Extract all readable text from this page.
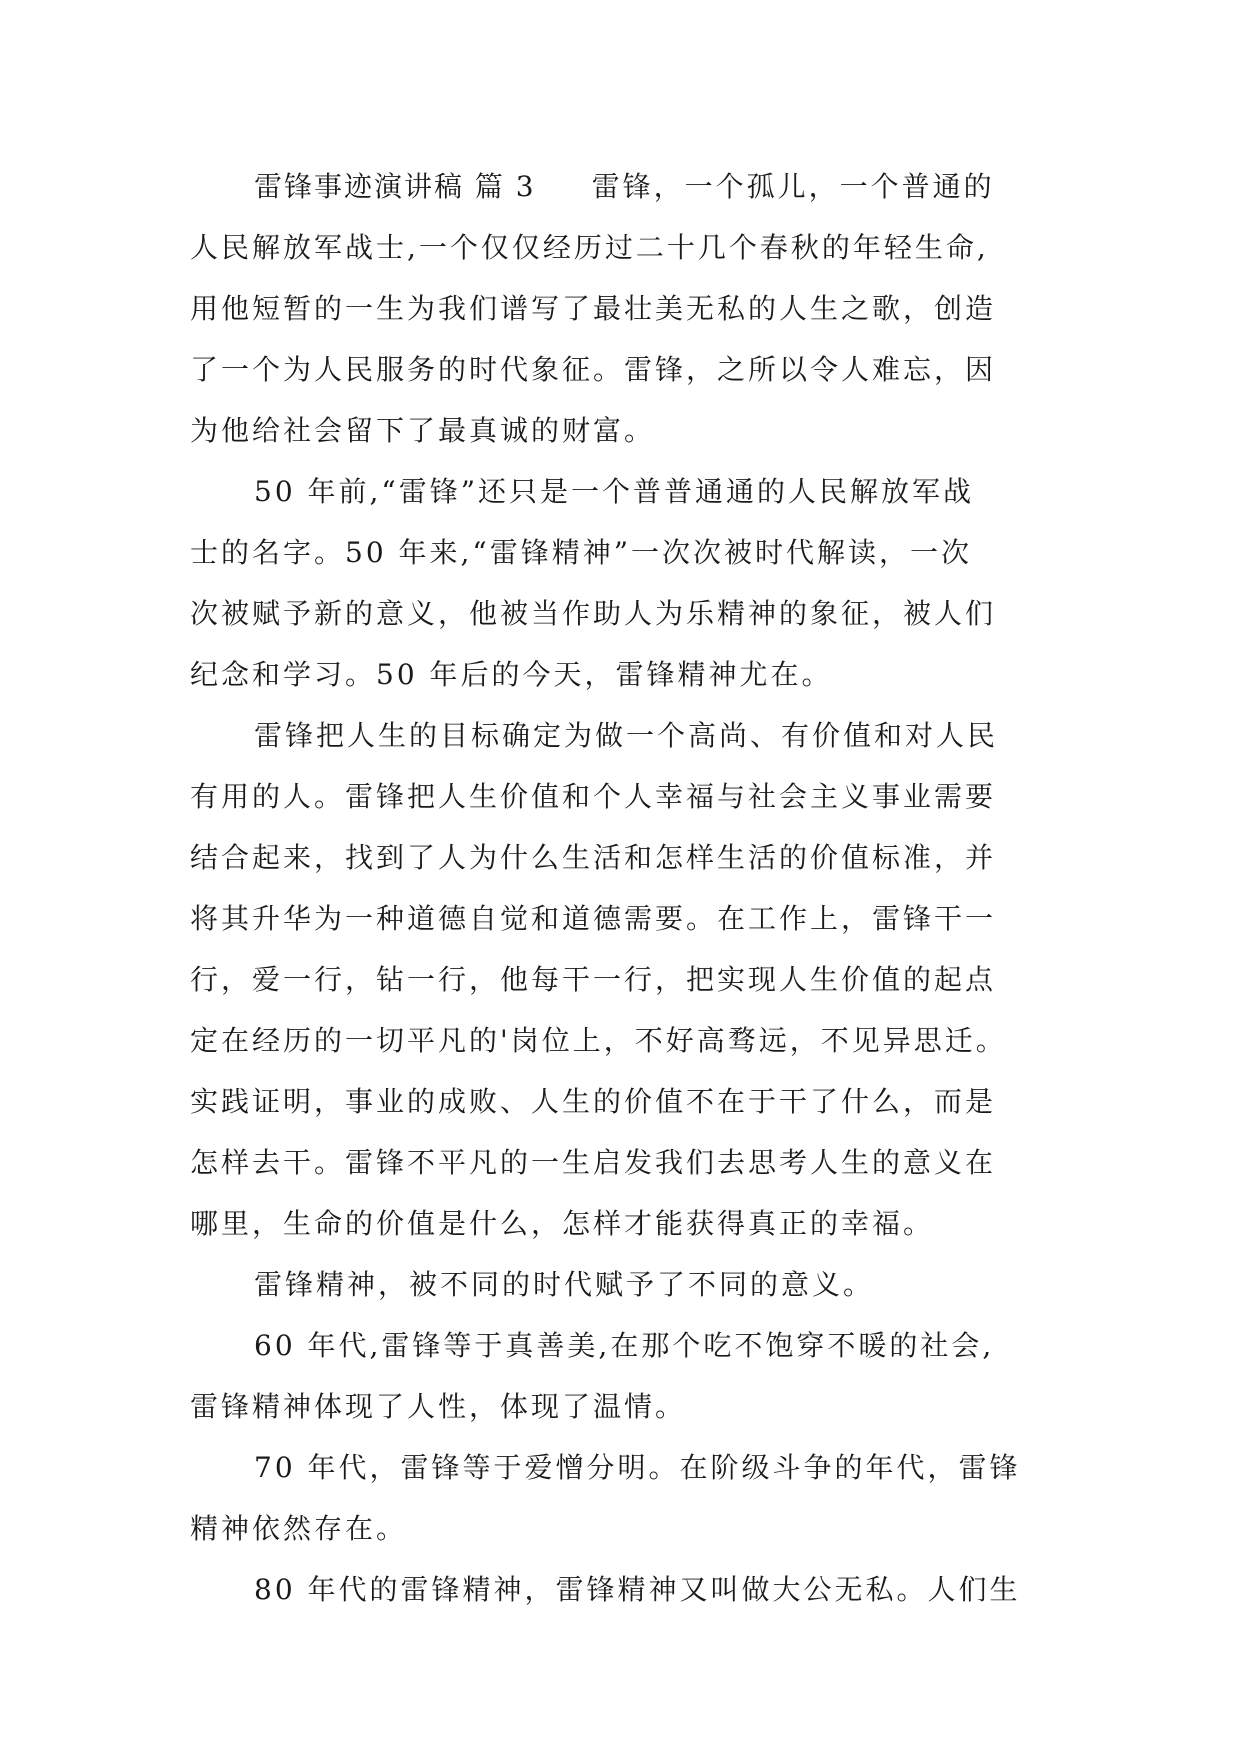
雷锋事迹演讲稿 篇 3 雷锋，一个孤儿，一个普通的
人民解放军战士,一个仅仅经历过二十几个春秋的年轻生命,
用他短暂的一生为我们谱写了最壮美无私的人生之歌，创造
了一个为人民服务的时代象征。雷锋，之所以令人难忘，因
为他给社会留下了最真诚的财富。
50 年前,“雷锋”还只是一个普普通通的人民解放军战
士的名字。50 年来,“雷锋精神”一次次被时代解读，一次
次被赋予新的意义，他被当作助人为乐精神的象征，被人们
纪念和学习。50 年后的今天，雷锋精神尤在。
雷锋把人生的目标确定为做一个高尚、有价值和对人民
有用的人。雷锋把人生价值和个人幸福与社会主义事业需要
结合起来，找到了人为什么生活和怎样生活的价值标准，并
将其升华为一种道德自觉和道德需要。在工作上，雷锋干一
行，爱一行，钻一行，他每干一行，把实现人生价值的起点
定在经历的一切平凡的'岗位上，不好高骛远，不见异思迁。
实践证明，事业的成败、人生的价值不在于干了什么，而是
怎样去干。雷锋不平凡的一生启发我们去思考人生的意义在
哪里，生命的价值是什么，怎样才能获得真正的幸福。
雷锋精神，被不同的时代赋予了不同的意义。
60 年代,雷锋等于真善美,在那个吃不饱穿不暖的社会,
雷锋精神体现了人性，体现了温情。
70 年代，雷锋等于爱憎分明。在阶级斗争的年代，雷锋
精神依然存在。
80 年代的雷锋精神，雷锋精神又叫做大公无私。人们生
